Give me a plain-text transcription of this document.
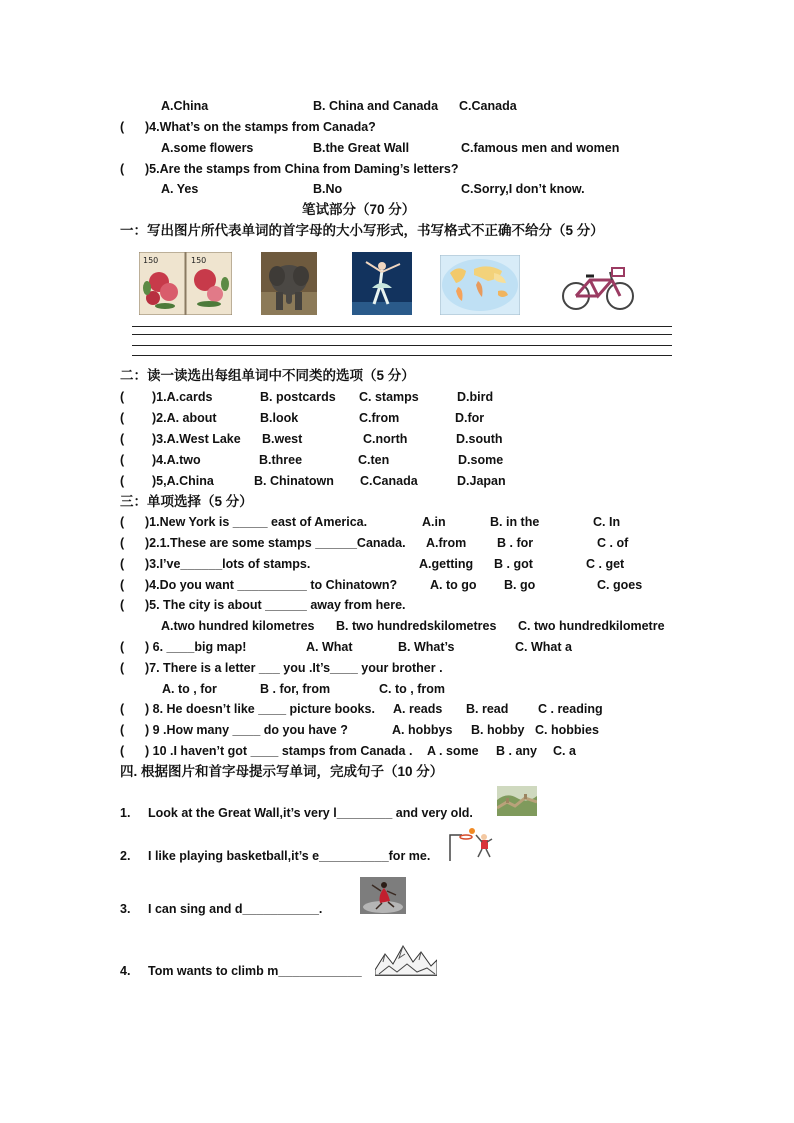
A.China	B. China and Canada C.Canada
( )4.What’s on the stamps from Canada?
A.some flowers	B.the Great Wall	C.famous men and women
( )5.Are the stamps from China from Daming’s letters?
A. Yes	B.No	C.Sorry,I don’t know.
笔试部分（70 分）
一：写出图片所代表单词的首字母的大小写形式，书写格式不正确不给分（5 分）
150	150
二：读一读选出每组单词中不同类的选项（5 分）
( )1.A.cards	B. postcards C. stamps	D.bird
( )2.A. about	B.look	C.from	D.for
( )3.A.West Lake B.west	C.north	D.south
( )4.A.two	B.three	C.ten	D.some
( )5,A.China	B. Chinatown C.Canada	D.Japan
三：单项选择（5 分）
( )1.New York is _____ east of America.	A.in	B. in the	C. In
( )2.1.These are some stamps ______Canada. A.from B . for	C . of
( )3.I’ve______lots of stamps.	A.getting B . got	C . get
( )4.Do you want __________ to Chinatown?	A. to go B. go	C. goes
( )5. The city is about ______ away from here.
A.two hundred kilometres B. two hundredskilometres C. two hundredkilometre
( ) 6. ____big map!	A. What	B. What’s	C. What a
( )7. There is a letter ___ you .It’s____ your brother .
A. to , for	B . for, from	C. to , from
( ) 8. He doesn’t like ____ picture books. A. reads B. read C . reading
( ) 9 .How many ____ do you have ?	A. hobbys B. hobby C. hobbies
( ) 10 .I haven’t got ____ stamps from Canada . A . some B . any C. a
四. 根据图片和首字母提示写单词，完成句子（10 分）
1. Look at the Great Wall,it’s very l________ and very old.
2. I like playing basketball,it’s e__________for me.
3. I can sing and d___________.
4. Tom wants to climb m____________
